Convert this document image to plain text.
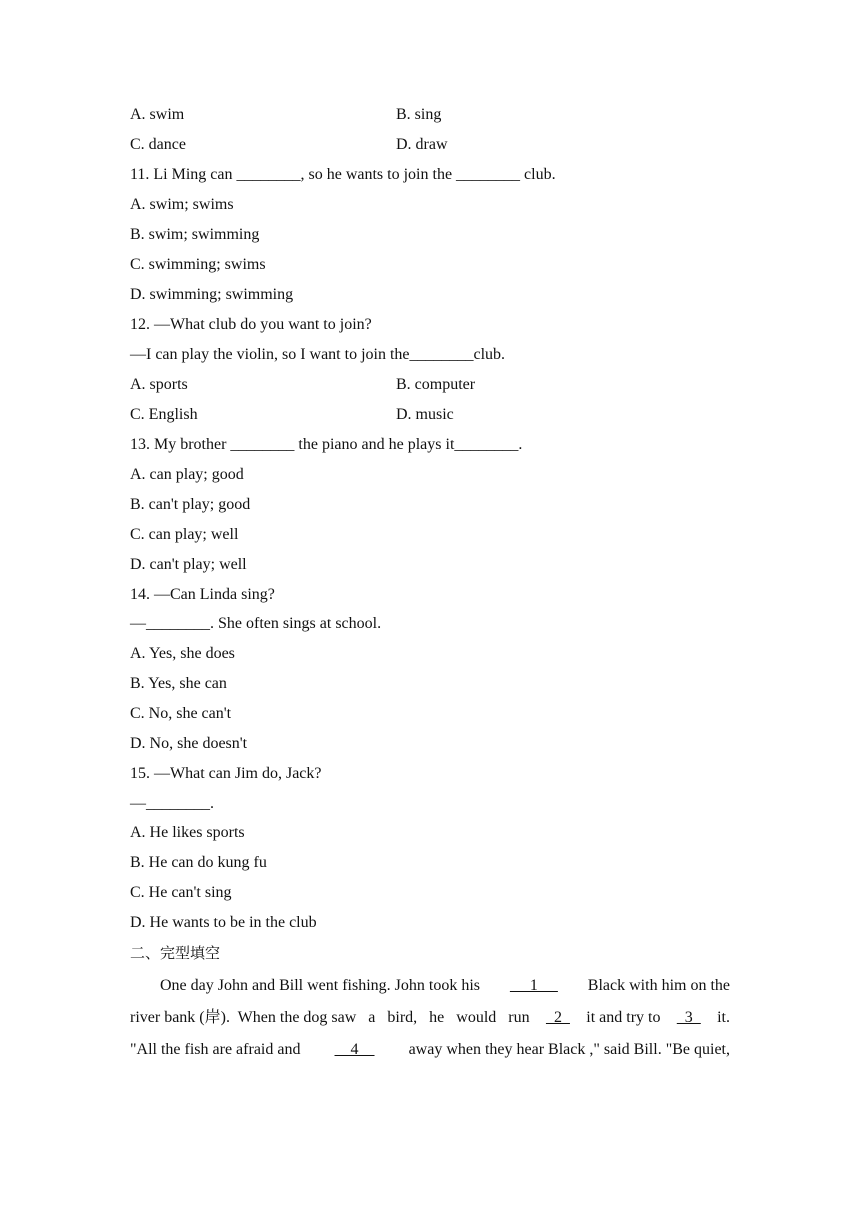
A. swim	B. sing
C. dance	D. draw
11. Li Ming can ________, so he wants to join the ________ club.
A. swim; swims
B. swim; swimming
C. swimming; swims
D. swimming; swimming
12. —What club do you want to join?
—I can play the violin, so I want to join the________club.
A. sports	B. computer
C. English	D. music
13. My brother ________ the piano and he plays it________.
A. can play; good
B. can't play; good
C. can play; well
D. can't play; well
14. —Can Linda sing?
—________. She often sings at school.
A. Yes, she does
B. Yes, she can
C. No, she can't
D. No, she doesn't
15. —What can Jim do, Jack?
—________.
A. He likes sports
B. He can do kung fu
C. He can't sing
D. He wants to be in the club
二、完型填空
One day John and Bill went fishing. John took his 1 Black with him on the
river bank (岸).  When the dog saw   a   bird,   he   would   run 2 it and try to 3 it.
"All the fish are afraid and 4 away when they hear Black ," said Bill. "Be quiet,
